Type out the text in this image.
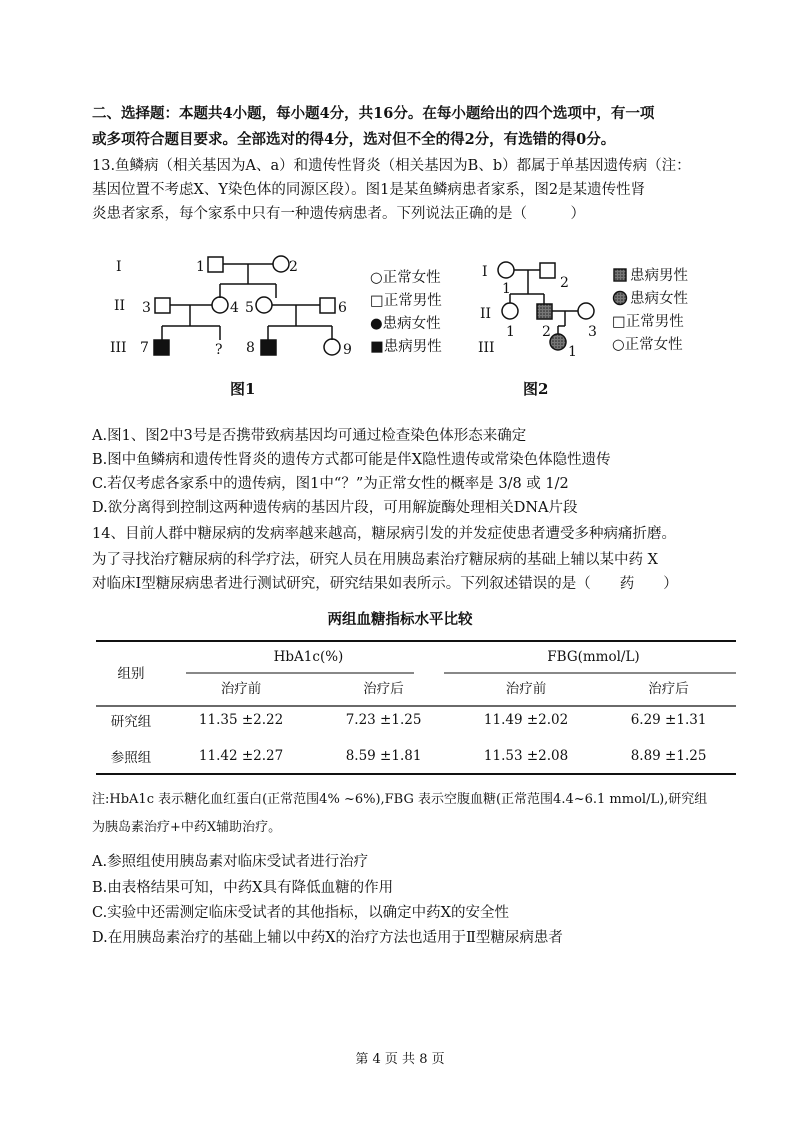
二、选择题：本题共4小题，每小题4分，共16分。在每小题给出的四个选项中，有一项
或多项符合题目要求。全部选对的得4分，选对但不全的得2分，有选错的得0分。
13.鱼鳞病（相关基因为A、a）和遗传性肾炎（相关基因为B、b）都属于单基因遗传病（注：
基因位置不考虑X、Y染色体的同源区段）。图1是某鱼鳞病患者家系，图2是某遗传性肾
炎患者家系，每个家系中只有一种遗传病患者。下列说法正确的是（　　　）
I
II
III
1	2
3	4 5	6
7	? 8	9
○正常女性
□正常男性
●患病女性
■患病男性
I
II
III
1	2
1 2	3
1
患病男性
患病女性
□正常男性
○正常女性
图1	图2
A.图1、图2中3号是否携带致病基因均可通过检查染色体形态来确定
B.图中鱼鳞病和遗传性肾炎的遗传方式都可能是伴X隐性遗传或常染色体隐性遗传
C.若仅考虑各家系中的遗传病，图1中“？”为正常女性的概率是 3/8 或 1/2
D.欲分离得到控制这两种遗传病的基因片段，可用解旋酶处理相关DNA片段
14、目前人群中糖尿病的发病率越来越高，糖尿病引发的并发症使患者遭受多种病痛折磨。
为了寻找治疗糖尿病的科学疗法，研究人员在用胰岛素治疗糖尿病的基础上辅以某中药 X
对临床Ⅰ型糖尿病患者进行测试研究，研究结果如表所示。下列叙述错误的是（　　药　　）
两组血糖指标水平比较
组别	HbA1c(%)		FBG(mmol/L)	
	治疗前	治疗后	治疗前	治疗后
研究组	11.35 ±2.22	7.23 ±1.25	11.49 ±2.02	6.29 ±1.31
参照组	11.42 ±2.27	8.59 ±1.81	11.53 ±2.08	8.89 ±1.25
注:HbA1c 表示糖化血红蛋白(正常范围4% ~6%),FBG 表示空腹血糖(正常范围4.4~6.1 mmol/L),研究组
为胰岛素治疗+中药X辅助治疗。
A.参照组使用胰岛素对临床受试者进行治疗
B.由表格结果可知，中药X具有降低血糖的作用
C.实验中还需测定临床受试者的其他指标，以确定中药X的安全性
D.在用胰岛素治疗的基础上辅以中药X的治疗方法也适用于Ⅱ型糖尿病患者
第 4 页 共 8 页
